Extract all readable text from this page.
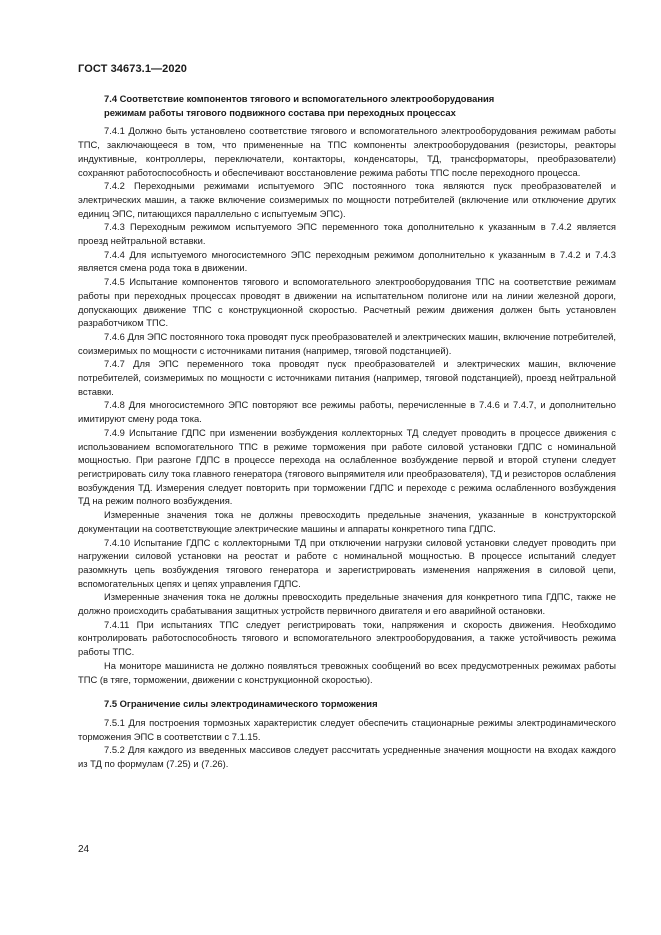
ГОСТ 34673.1—2020
7.4 Соответствие компонентов тягового и вспомогательного электрооборудования
режимам работы тягового подвижного состава при переходных процессах

7.4.1 Должно быть установлено соответствие тягового и вспомогательного электрооборудования режимам работы ТПС, заключающееся в том, что примененные на ТПС компоненты электрооборудования (резисторы, реакторы индуктивные, контроллеры, переключатели, контакторы, конденсаторы, ТД, трансформаторы, преобразователи) сохраняют работоспособность и обеспечивают восстановление режима работы ТПС после переходного процесса.

7.4.2 Переходными режимами испытуемого ЭПС постоянного тока являются пуск преобразователей и электрических машин, а также включение соизмеримых по мощности потребителей (включение или отключение других единиц ЭПС, питающихся параллельно с испытуемым ЭПС).

7.4.3 Переходным режимом испытуемого ЭПС переменного тока дополнительно к указанным в 7.4.2 является проезд нейтральной вставки.

7.4.4 Для испытуемого многосистемного ЭПС переходным режимом дополнительно к указанным в 7.4.2 и 7.4.3 является смена рода тока в движении.

7.4.5 Испытание компонентов тягового и вспомогательного электрооборудования ТПС на соответствие режимам работы при переходных процессах проводят в движении на испытательном полигоне или на линии железной дороги, допускающих движение ТПС с конструкционной скоростью. Расчетный режим движения должен быть установлен разработчиком ТПС.

7.4.6 Для ЭПС постоянного тока проводят пуск преобразователей и электрических машин, включение потребителей, соизмеримых по мощности с источниками питания (например, тяговой подстанцией).

7.4.7 Для ЭПС переменного тока проводят пуск преобразователей и электрических машин, включение потребителей, соизмеримых по мощности с источниками питания (например, тяговой подстанцией), проезд нейтральной вставки.

7.4.8 Для многосистемного ЭПС повторяют все режимы работы, перечисленные в 7.4.6 и 7.4.7, и дополнительно имитируют смену рода тока.

7.4.9 Испытание ГДПС при изменении возбуждения коллекторных ТД следует проводить в процессе движения с использованием вспомогательного ТПС в режиме торможения при работе силовой установки ГДПС с номинальной мощностью. При разгоне ГДПС в процессе перехода на ослабленное возбуждение первой и второй ступени следует регистрировать силу тока главного генератора (тягового выпрямителя или преобразователя), ТД и резисторов ослабления возбуждения ТД. Измерения следует повторить при торможении ГДПС и переходе с режима ослабленного возбуждения ТД на режим полного возбуждения.

Измеренные значения тока не должны превосходить предельные значения, указанные в конструкторской документации на соответствующие электрические машины и аппараты конкретного типа ГДПС.

7.4.10 Испытание ГДПС с коллекторными ТД при отключении нагрузки силовой установки следует проводить при нагружении силовой установки на реостат и работе с номинальной мощностью. В процессе испытаний следует разомкнуть цепь возбуждения тягового генератора и зарегистрировать изменения напряжения в силовой цепи, вспомогательных цепях и цепях управления ГДПС.

Измеренные значения тока не должны превосходить предельные значения для конкретного типа ГДПС, также не должно происходить срабатывания защитных устройств первичного двигателя и его аварийной остановки.

7.4.11 При испытаниях ТПС следует регистрировать токи, напряжения и скорость движения. Необходимо контролировать работоспособность тягового и вспомогательного электрооборудования, а также устойчивость режима работы ТПС.

На мониторе машиниста не должно появляться тревожных сообщений во всех предусмотренных режимах работы ТПС (в тяге, торможении, движении с конструкционной скоростью).

7.5 Ограничение силы электродинамического торможения

7.5.1 Для построения тормозных характеристик следует обеспечить стационарные режимы электродинамического торможения ЭПС в соответствии с 7.1.15.

7.5.2 Для каждого из введенных массивов следует рассчитать усредненные значения мощности на входах каждого из ТД по формулам (7.25) и (7.26).

24
